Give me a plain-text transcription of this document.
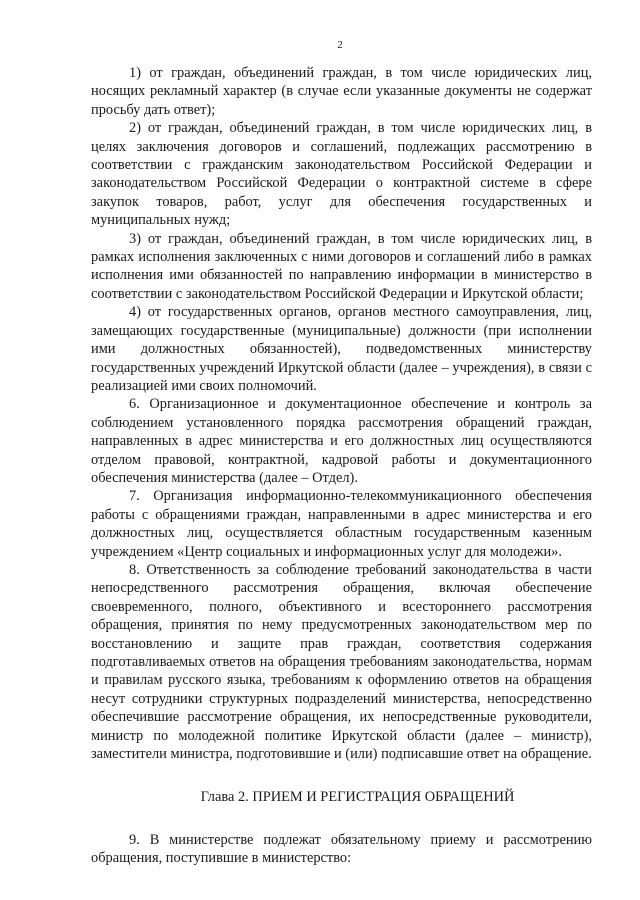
2

1) от граждан, объединений граждан, в том числе юридических лиц, носящих рекламный характер (в случае если указанные документы не содержат просьбу дать ответ);

2) от граждан, объединений граждан, в том числе юридических лиц, в целях заключения договоров и соглашений, подлежащих рассмотрению в соответствии с гражданским законодательством Российской Федерации и законодательством Российской Федерации о контрактной системе в сфере закупок товаров, работ, услуг для обеспечения государственных и муниципальных нужд;

3) от граждан, объединений граждан, в том числе юридических лиц, в рамках исполнения заключенных с ними договоров и соглашений либо в рамках исполнения ими обязанностей по направлению информации в министерство в соответствии с законодательством Российской Федерации и Иркутской области;

4) от государственных органов, органов местного самоуправления, лиц, замещающих государственные (муниципальные) должности (при исполнении ими должностных обязанностей), подведомственных министерству государственных учреждений Иркутской области (далее – учреждения), в связи с реализацией ими своих полномочий.

6. Организационное и документационное обеспечение и контроль за соблюдением установленного порядка рассмотрения обращений граждан, направленных в адрес министерства и его должностных лиц осуществляются отделом правовой, контрактной, кадровой работы и документационного обеспечения министерства (далее – Отдел).

7. Организация информационно-телекоммуникационного обеспечения работы с обращениями граждан, направленными в адрес министерства и его должностных лиц, осуществляется областным государственным казенным учреждением «Центр социальных и информационных услуг для молодежи».

8. Ответственность за соблюдение требований законодательства в части непосредственного рассмотрения обращения, включая обеспечение своевременного, полного, объективного и всестороннего рассмотрения обращения, принятия по нему предусмотренных законодательством мер по восстановлению и защите прав граждан, соответствия содержания подготавливаемых ответов на обращения требованиям законодательства, нормам и правилам русского языка, требованиям к оформлению ответов на обращения несут сотрудники структурных подразделений министерства, непосредственно обеспечившие рассмотрение обращения, их непосредственные руководители, министр по молодежной политике Иркутской области (далее – министр), заместители министра, подготовившие и (или) подписавшие ответ на обращение.

Глава 2. ПРИЕМ И РЕГИСТРАЦИЯ ОБРАЩЕНИЙ

9. В министерстве подлежат обязательному приему и рассмотрению обращения, поступившие в министерство:
